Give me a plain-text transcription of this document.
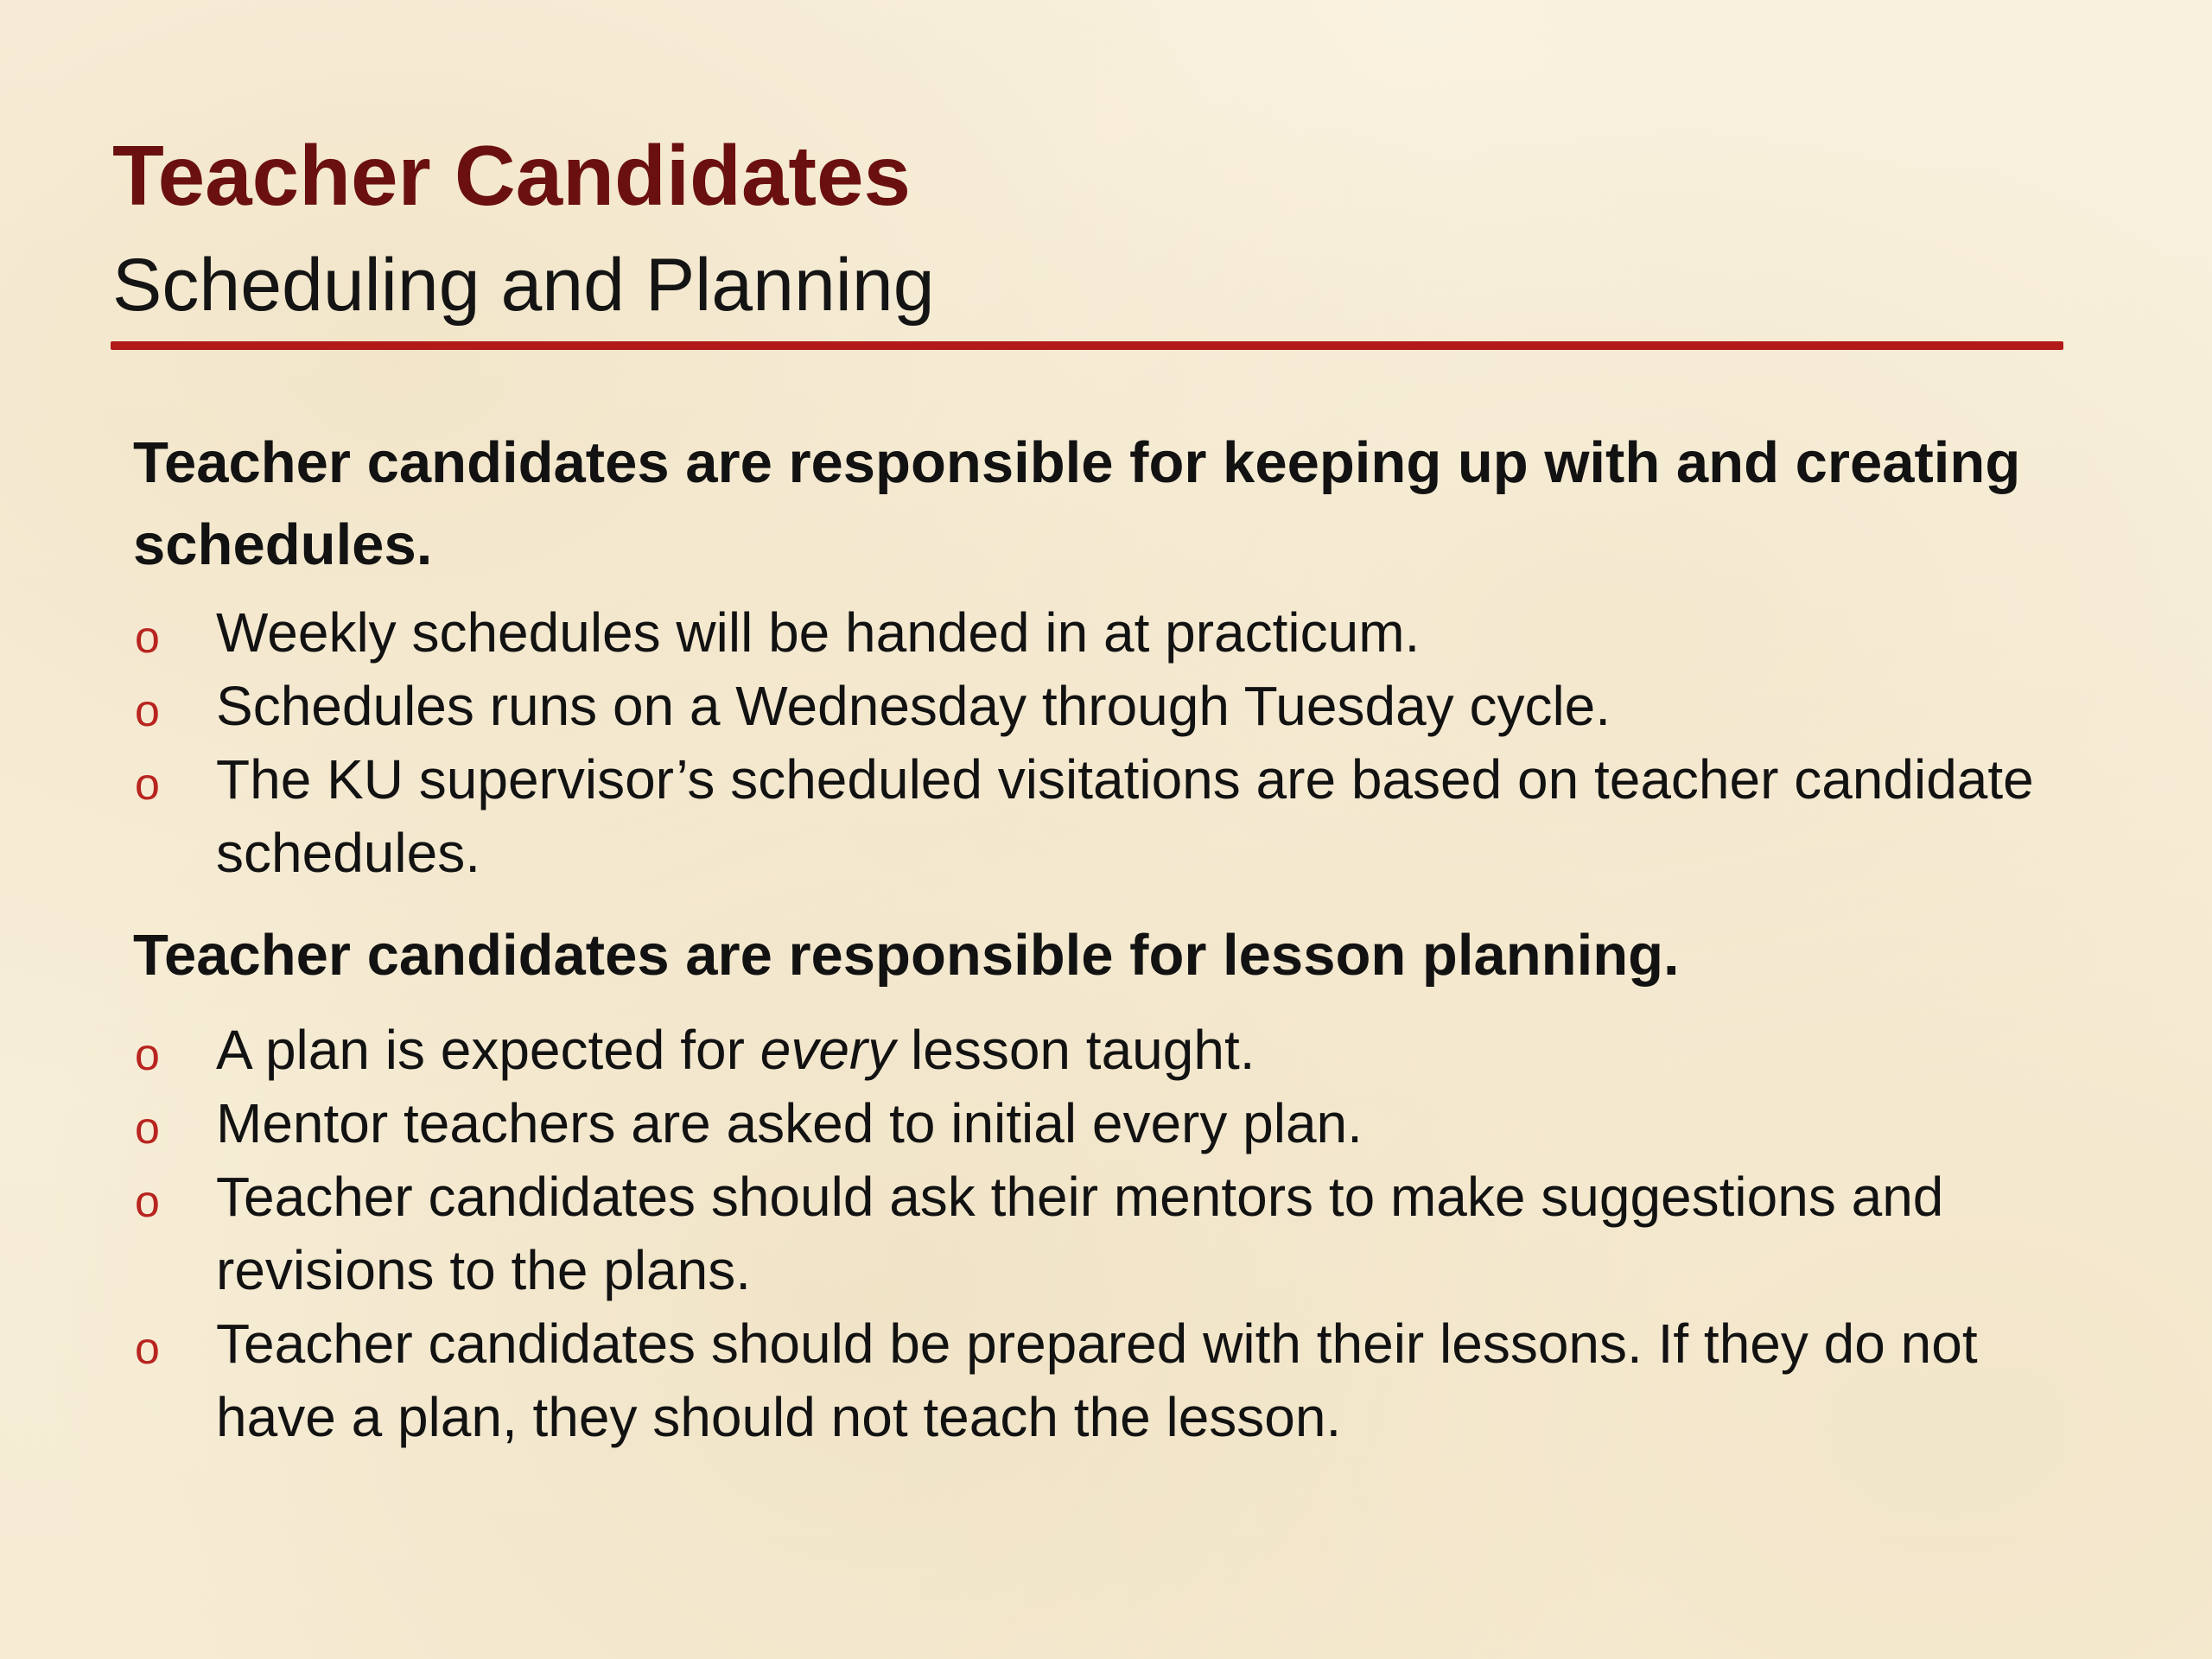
Teacher Candidates
Scheduling and Planning

Teacher candidates are responsible for keeping up with and creating schedules.

o Weekly schedules will be handed in at practicum.
o Schedules runs on a Wednesday through Tuesday cycle.
o The KU supervisor’s scheduled visitations are based on teacher candidate schedules.

Teacher candidates are responsible for lesson planning.

o A plan is expected for every lesson taught.
o Mentor teachers are asked to initial every plan.
o Teacher candidates should ask their mentors to make suggestions and revisions to the plans.
o Teacher candidates should be prepared with their lessons. If they do not have a plan, they should not teach the lesson.
